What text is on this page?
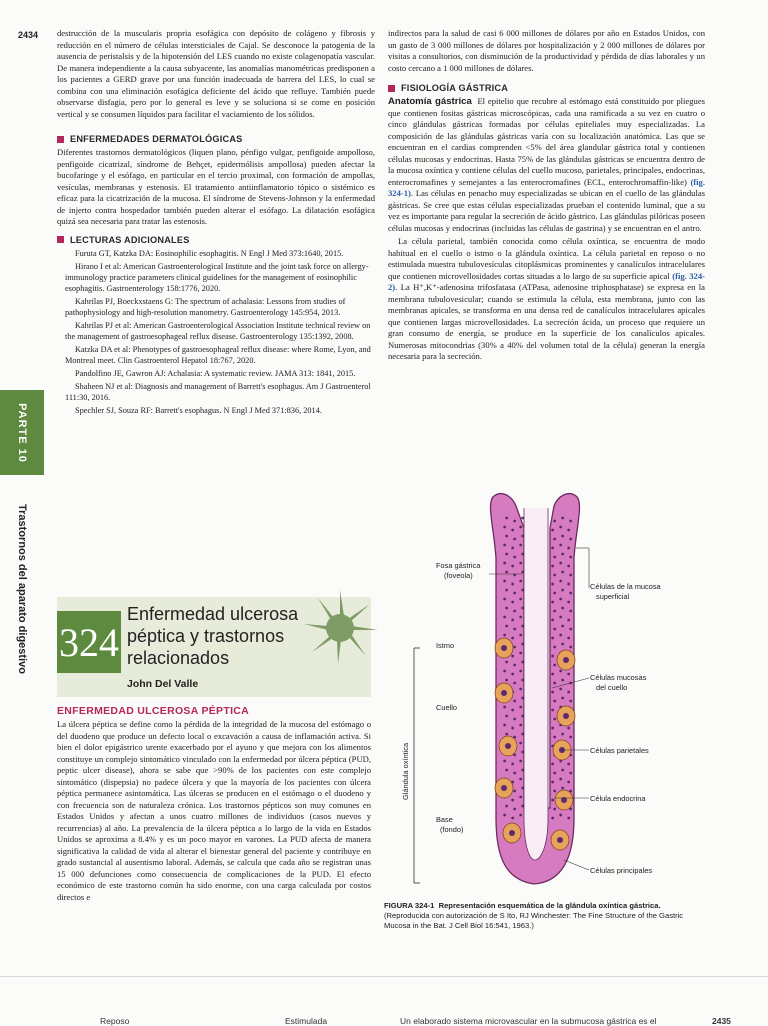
2434 destrucción de la muscularis propria esofágica con depósito de colágeno y fibrosis y reducción en el número de células intersticiales de Cajal. Se desconoce la patogenia de la ausencia de peristalsis y de la hipotensión del LES cuando no existe colagenopatía vascular. De manera independiente a la causa subyacente, las anomalías manométricas predisponen a los pacientes a GERD grave por una función inadecuada de barrera del LES, lo cual se combina con una eliminación esofágica deficiente del ácido que refluye. También puede observarse disfagia, pero por lo general es leve y se soluciona si se come en posición vertical y se consumen líquidos para facilitar el vaciamiento de los sólidos.

ENFERMEDADES DERMATOLÓGICAS

Diferentes trastornos dermatológicos (liquen plano, pénfigo vulgar, penfigoide ampolloso, penfigoide cicatrizal, síndrome de Behçet, epidermólisis ampollosa) pueden afectar la bucofaringe y el esófago, en particular en el tercio proximal, con formación de ampollas, vesículas, membranas y estenosis. El tratamiento antiinflamatorio tópico o sistémico es eficaz para la cicatrización de la mucosa. El síndrome de Stevens-Johnson y la enfermedad de injerto contra hospedador también pueden alterar el esófago. La dilatación esofágica quizá sea necesaria para tratar las estenosis.

LECTURAS ADICIONALES

Furuta GT, Katzka DA: Eosinophilic esophagitis. N Engl J Med 373:1640, 2015.

Hirano I et al: American Gastroenterological Institute and the joint task force on allergy-immunology practice parameters clinical guidelines for the management of eosinophilic esophagitis. Gastroenterology 158:1776, 2020.

Kahrilas PJ, Boeckxstaens G: The spectrum of achalasia: Lessons from studies of pathophysiology and high-resolution manometry. Gastroenterology 145:954, 2013.

Kahrilas PJ et al: American Gastroenterological Association Institute technical review on the management of gastroesophageal reflux disease. Gastroenterology 135:1392, 2008.

Katzka DA et al: Phenotypes of gastroesophageal reflux disease: where Rome, Lyon, and Montreal meet. Clin Gastroenterol Hepatol 18:767, 2020.

Pandolfino JE, Gawron AJ: Achalasia: A systematic review. JAMA 313: 1841, 2015.

Shaheen NJ et al: Diagnosis and management of Barrett's esophagus. Am J Gastroenterol 111:30, 2016.

Spechler SJ, Souza RF: Barrett's esophagus. N Engl J Med 371:836, 2014.

PARTE 10
Trastornos del aparato digestivo 324
Enfermedad ulcerosa
péptica y trastornos
relacionados
John Del Valle
ENFERMEDAD ULCEROSA PÉPTICA

La úlcera péptica se define como la pérdida de la integridad de la mucosa del estómago o del duodeno que produce un defecto local o excavación a causa de inflamación activa. Si bien el dolor epigástrico urente exacerbado por el ayuno y que mejora con los alimentos constituye un complejo sintomático vinculado con la enfermedad por úlcera péptica (PUD, peptic ulcer disease), ahora se sabe que >90% de los pacientes con este complejo sintomático (dispepsia) no padece úlcera y que la mayoría de los pacientes con úlcera péptica permanece asintomática. Las úlceras se producen en el estómago o el duodeno y con frecuencia son de naturaleza crónica. Los trastornos pépticos son muy comunes en Estados Unidos y afectan a unos cuatro millones de individuos (casos nuevos y recurrencias) al año. La prevalencia de la úlcera péptica a lo largo de la vida en Estados Unidos se aproxima a 8.4% y es un poco mayor en varones. La PUD afecta de manera significativa la calidad de vida al alterar el bienestar general del paciente y contribuye en grado sustancial al ausentismo laboral. Además, se calcula que cada año se registran unas 15 000 defunciones como consecuencia de complicaciones de la PUD. El efecto económico de este trastorno común ha sido enorme, con una carga calculada por costos directos e

indirectos para la salud de casi 6 000 millones de dólares por año en Estados Unidos, con un gasto de 3 000 millones de dólares por hospitalización y 2 000 millones de dólares por visitas a consultorios, con disminución de la productividad y pérdida de días laborales y un costo cercano a 1 000 millones de dólares.

FISIOLOGÍA GÁSTRICA

Anatomía gástrica El epitelio que recubre al estómago está constituido por pliegues que contienen fositas gástricas microscópicas, cada una ramificada a su vez en cuatro o cinco glándulas gástricas formadas por células epiteliales muy especializadas. La composición de las glándulas gástricas varía con su localización anatómica. Las que se encuentran en el cardias comprenden <5% del área glandular gástrica total y contienen células mucosas y endocrinas. Hasta 75% de las glándulas gástricas se encuentra dentro de la mucosa oxíntica y contiene células del cuello mucoso, parietales, principales, endocrinas, enterocromafines y semejantes a las enterocromafines (ECL, enterochromaffin-like) (fig. 324-1). Las células en penacho muy especializadas se ubican en el cuello de las glándulas gástricas. Se cree que estas células especializadas prueban el contenido luminal, que a su vez es importante para regular la secreción de ácido gástrico. Las glándulas pilóricas poseen células mucosas y endocrinas (incluidas las células de gastrina) y se encuentran en el antro.

La célula parietal, también conocida como célula oxíntica, se encuentra de modo habitual en el cuello o istmo o la glándula oxíntica. La célula parietal en reposo o no estimulada muestra tubulovesículas citoplásmicas prominentes y canalículos intracelulares que contienen microvellosidades cortas situadas a lo largo de su superficie apical (fig. 324-2). La H⁺,K⁺-adenosina trifosfatasa (ATPasa, adenosine triphosphatase) se expresa en la membrana tubulovesicular; cuando se estimula la célula, esta membrana, junto con las membranas apicales, se transforma en una densa red de canalículos intracelulares apicales que contienen largas microvellosidades. La secreción ácida, un proceso que requiere un gran consumo de energía, se produce en la superficie de los canalículos apicales. Numerosas mitocondrias (30% a 40% del volumen total de la célula) generan la energía necesaria para la secreción.

Glándula oxíntica
Fosa gástrica
(foveola)
Istmo
Cuello
Base
(fondo)
Células de la mucosa
superficial
Células mucosas
del cuello
Células parietales
Célula endocrina
Células principales
FIGURA 324-1 Representación esquemática de la glándula oxíntica gástrica.
(Reproducida con autorización de S Ito, RJ Winchester: The Fine Structure of the Gastric Mucosa in the Bat. J Cell Biol 16:541, 1963.)
Reposo	Estimulada	Un elaborado sistema microvascular en la submucosa gástrica es el	2435
